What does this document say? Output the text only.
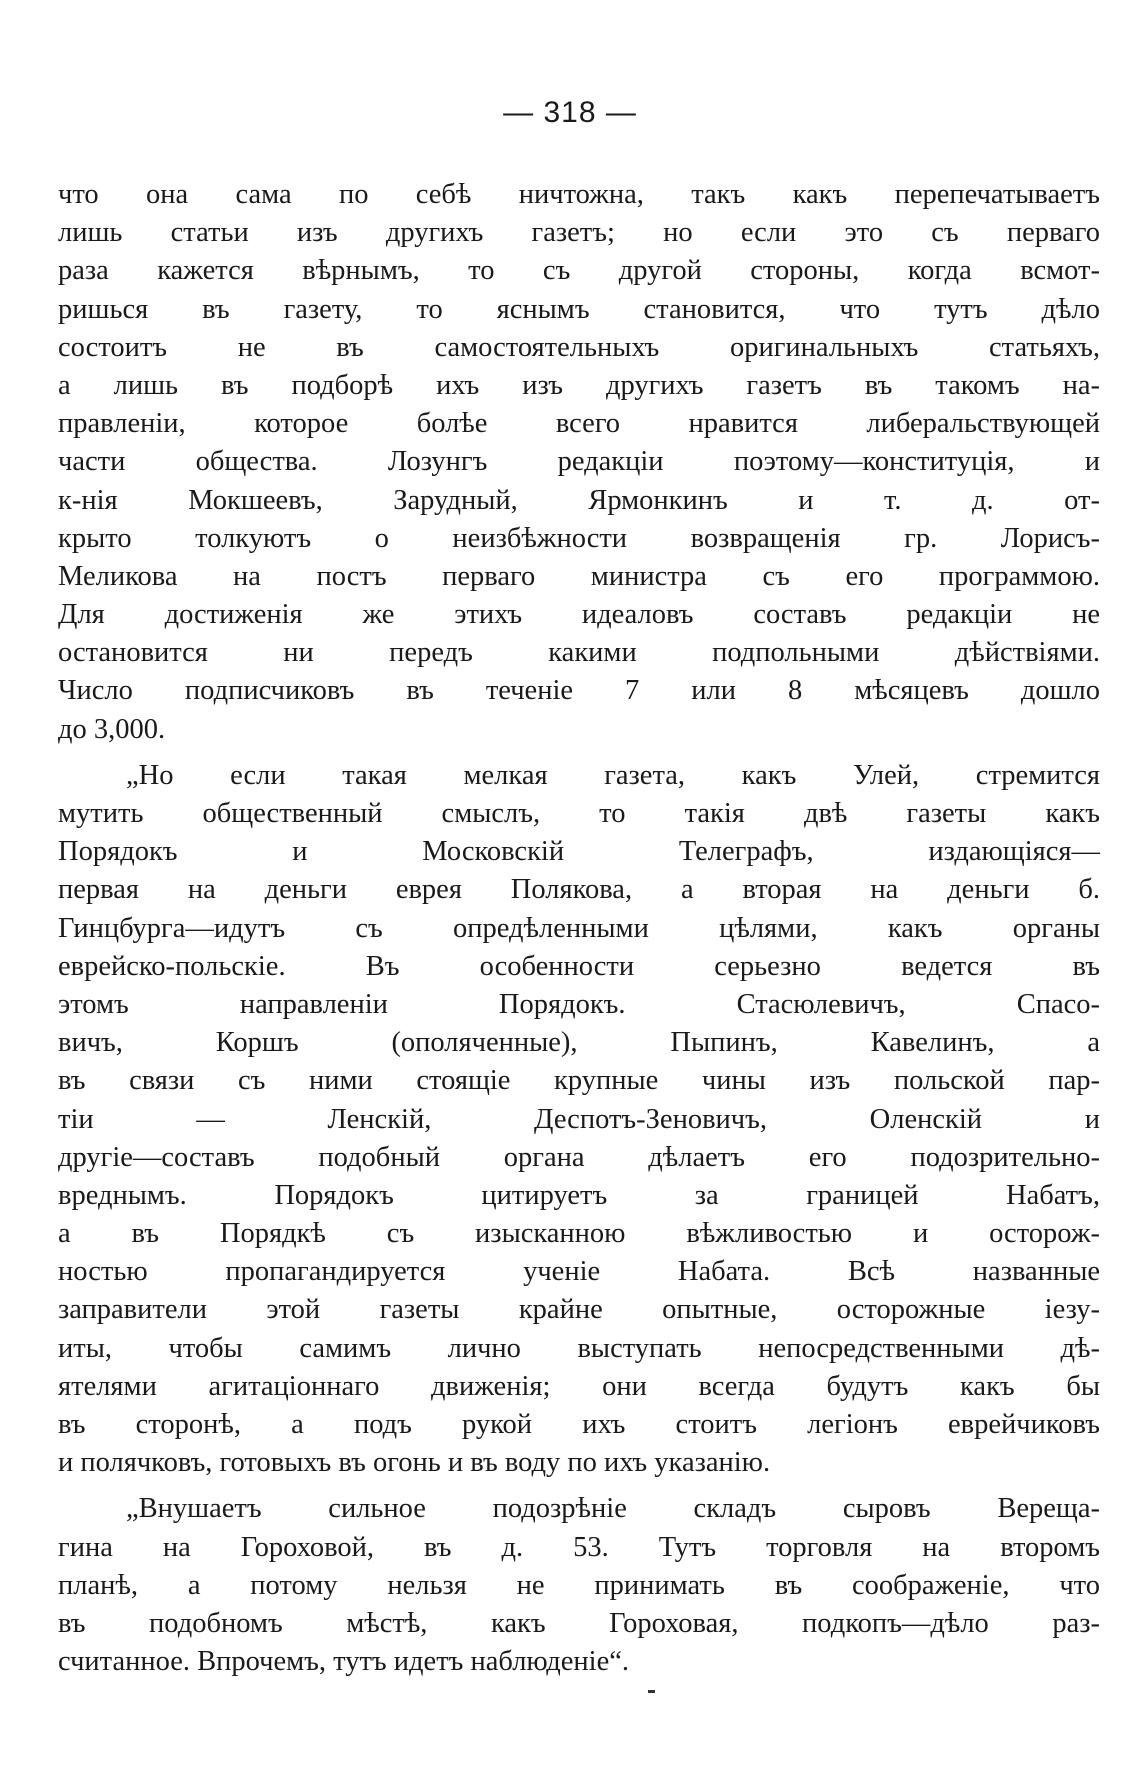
— 318 —
что она сама по себѣ ничтожна, такъ какъ перепечатываетъ
лишь статьи изъ другихъ газетъ; но если это съ перваго
раза кажется вѣрнымъ, то съ другой стороны, когда всмот-
ришься въ газету, то яснымъ становится, что тутъ дѣло
состоитъ не въ самостоятельныхъ оригинальныхъ статьяхъ,
а лишь въ подборѣ ихъ изъ другихъ газетъ въ такомъ на-
правленіи, которое болѣе всего нравится либеральствующей
части общества. Лозунгъ редакціи поэтому—конституція, и
к-нія Мокшеевъ, Зарудный, Ярмонкинъ и т. д. от-
крыто толкуютъ о неизбѣжности возвращенія гр. Лорисъ-
Меликова на постъ перваго министра съ его программою.
Для достиженія же этихъ идеаловъ составъ редакціи не
остановится ни передъ какими подпольными дѣйствіями.
Число подписчиковъ въ теченіе 7 или 8 мѣсяцевъ дошло
до 3,000.
„Но если такая мелкая газета, какъ Улей, стремится
мутить общественный смыслъ, то такія двѣ газеты какъ
Порядокъ и Московскій Телеграфъ, издающіяся—
первая на деньги еврея Полякова, а вторая на деньги б.
Гинцбурга—идутъ съ опредѣленными цѣлями, какъ органы
еврейско-польскіе. Въ особенности серьезно ведется въ
этомъ направленіи Порядокъ. Стасюлевичъ, Спасо-
вичъ, Коршъ (ополяченные), Пыпинъ, Кавелинъ, а
въ связи съ ними стоящіе крупные чины изъ польской пар-
тіи — Ленскій, Деспотъ-Зеновичъ, Оленскій и
другіе—составъ подобный органа дѣлаетъ его подозрительно-
вреднымъ. Порядокъ цитируетъ за границей Набатъ,
а въ Порядкѣ съ изысканною вѣжливостью и осторож-
ностью пропагандируется ученіе Набата. Всѣ названные
заправители этой газеты крайне опытные, осторожные іезу-
иты, чтобы самимъ лично выступать непосредственными дѣ-
ятелями агитаціоннаго движенія; они всегда будутъ какъ бы
въ сторонѣ, а подъ рукой ихъ стоитъ легіонъ еврейчиковъ
и полячковъ, готовыхъ въ огонь и въ воду по ихъ указанію.
„Внушаетъ сильное подозрѣніе складъ сыровъ Верещa-
гина на Гороховой, въ д. 53. Тутъ торговля на второмъ
планѣ, а потому нельзя не принимать въ соображеніе, что
въ подобномъ мѣстѣ, какъ Гороховая, подкопъ—дѣло раз-
считанное. Впрочемъ, тутъ идетъ наблюденіе“.
